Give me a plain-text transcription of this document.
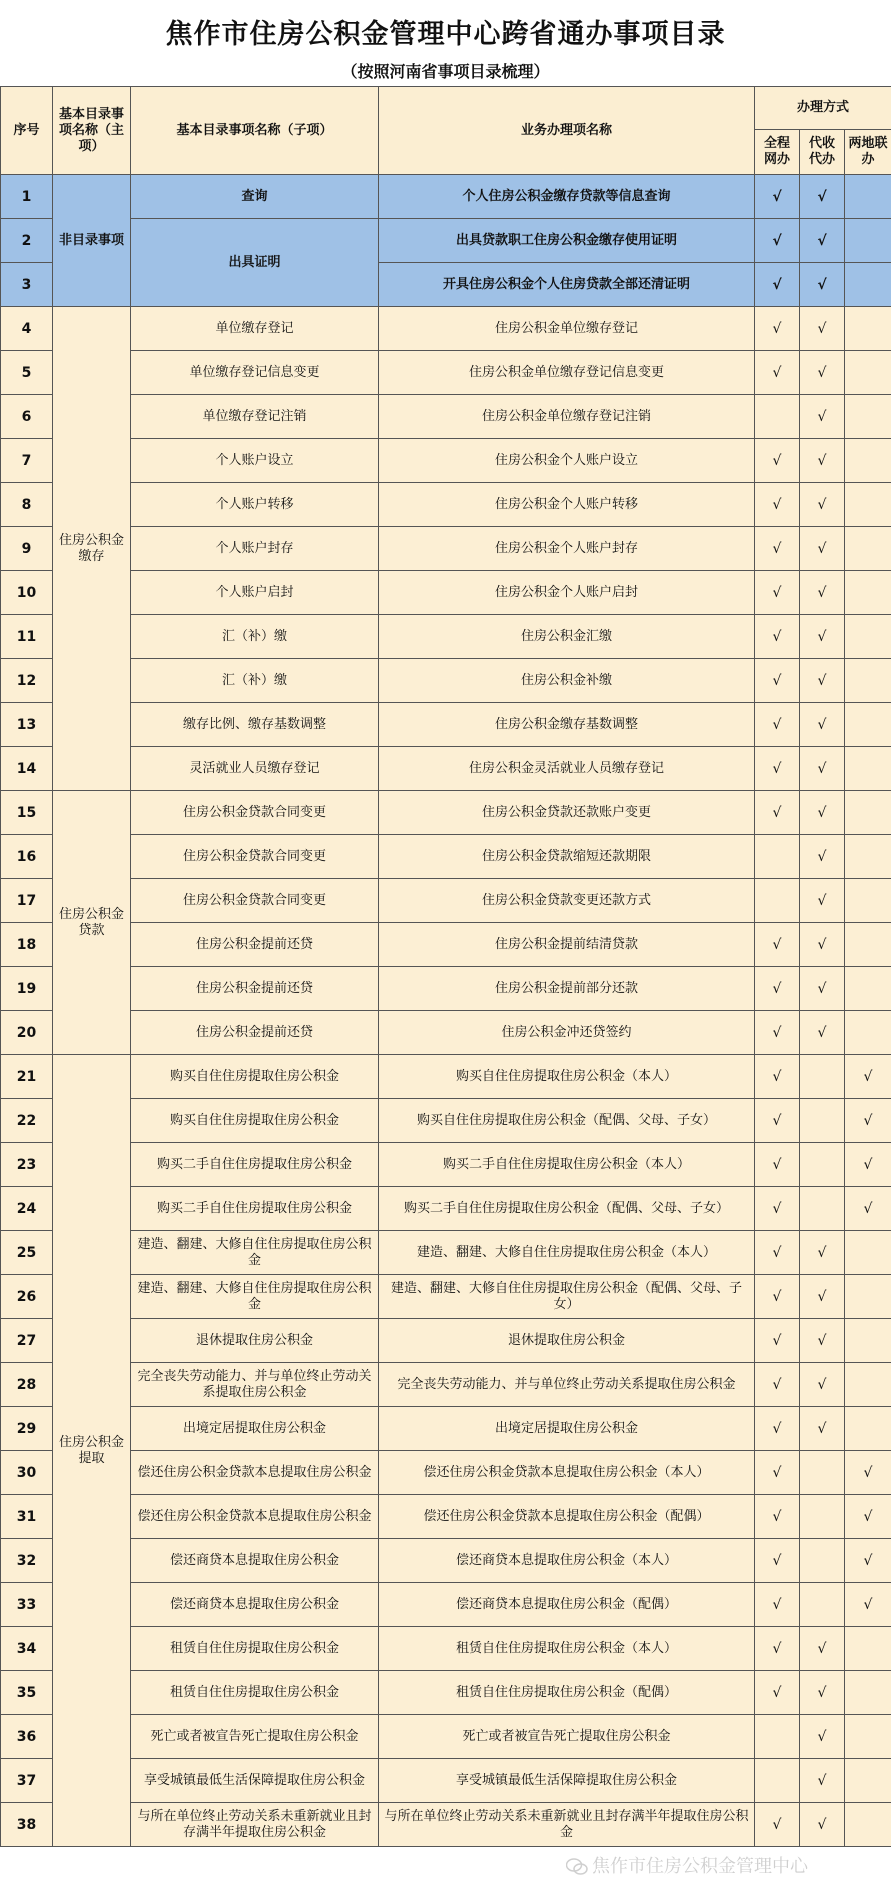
焦作市住房公积金管理中心跨省通办事项目录
（按照河南省事项目录梳理）
序号	基本目录事项名称（主项）	基本目录事项名称（子项）	业务办理项名称	办理方式		
				全程网办	代收代办	两地联办
1	非目录事项	查询	个人住房公积金缴存贷款等信息查询	√	√	
2		出具证明	出具贷款职工住房公积金缴存使用证明	√	√	
3			开具住房公积金个人住房贷款全部还清证明	√	√	
4	住房公积金缴存	单位缴存登记	住房公积金单位缴存登记	√	√	
5		单位缴存登记信息变更	住房公积金单位缴存登记信息变更	√	√	
6		单位缴存登记注销	住房公积金单位缴存登记注销		√	
7		个人账户设立	住房公积金个人账户设立	√	√	
8		个人账户转移	住房公积金个人账户转移	√	√	
9		个人账户封存	住房公积金个人账户封存	√	√	
10		个人账户启封	住房公积金个人账户启封	√	√	
11		汇（补）缴	住房公积金汇缴	√	√	
12		汇（补）缴	住房公积金补缴	√	√	
13		缴存比例、缴存基数调整	住房公积金缴存基数调整	√	√	
14		灵活就业人员缴存登记	住房公积金灵活就业人员缴存登记	√	√	
15	住房公积金贷款	住房公积金贷款合同变更	住房公积金贷款还款账户变更	√	√	
16		住房公积金贷款合同变更	住房公积金贷款缩短还款期限		√	
17		住房公积金贷款合同变更	住房公积金贷款变更还款方式		√	
18		住房公积金提前还贷	住房公积金提前结清贷款	√	√	
19		住房公积金提前还贷	住房公积金提前部分还款	√	√	
20		住房公积金提前还贷	住房公积金冲还贷签约	√	√	
21	住房公积金提取	购买自住住房提取住房公积金	购买自住住房提取住房公积金（本人）	√		√
22		购买自住住房提取住房公积金	购买自住住房提取住房公积金（配偶、父母、子女）	√		√
23		购买二手自住住房提取住房公积金	购买二手自住住房提取住房公积金（本人）	√		√
24		购买二手自住住房提取住房公积金	购买二手自住住房提取住房公积金（配偶、父母、子女）	√		√
25		建造、翻建、大修自住住房提取住房公积金	建造、翻建、大修自住住房提取住房公积金（本人）	√	√	
26		建造、翻建、大修自住住房提取住房公积金	建造、翻建、大修自住住房提取住房公积金（配偶、父母、子女）	√	√	
27		退休提取住房公积金	退休提取住房公积金	√	√	
28		完全丧失劳动能力、并与单位终止劳动关系提取住房公积金	完全丧失劳动能力、并与单位终止劳动关系提取住房公积金	√	√	
29		出境定居提取住房公积金	出境定居提取住房公积金	√	√	
30		偿还住房公积金贷款本息提取住房公积金	偿还住房公积金贷款本息提取住房公积金（本人）	√		√
31		偿还住房公积金贷款本息提取住房公积金	偿还住房公积金贷款本息提取住房公积金（配偶）	√		√
32		偿还商贷本息提取住房公积金	偿还商贷本息提取住房公积金（本人）	√		√
33		偿还商贷本息提取住房公积金	偿还商贷本息提取住房公积金（配偶）	√		√
34		租赁自住住房提取住房公积金	租赁自住住房提取住房公积金（本人）	√	√	
35		租赁自住住房提取住房公积金	租赁自住住房提取住房公积金（配偶）	√	√	
36		死亡或者被宣告死亡提取住房公积金	死亡或者被宣告死亡提取住房公积金		√	
37		享受城镇最低生活保障提取住房公积金	享受城镇最低生活保障提取住房公积金		√	
38		与所在单位终止劳动关系未重新就业且封存满半年提取住房公积金	与所在单位终止劳动关系未重新就业且封存满半年提取住房公积金	√	√	
焦作市住房公积金管理中心
